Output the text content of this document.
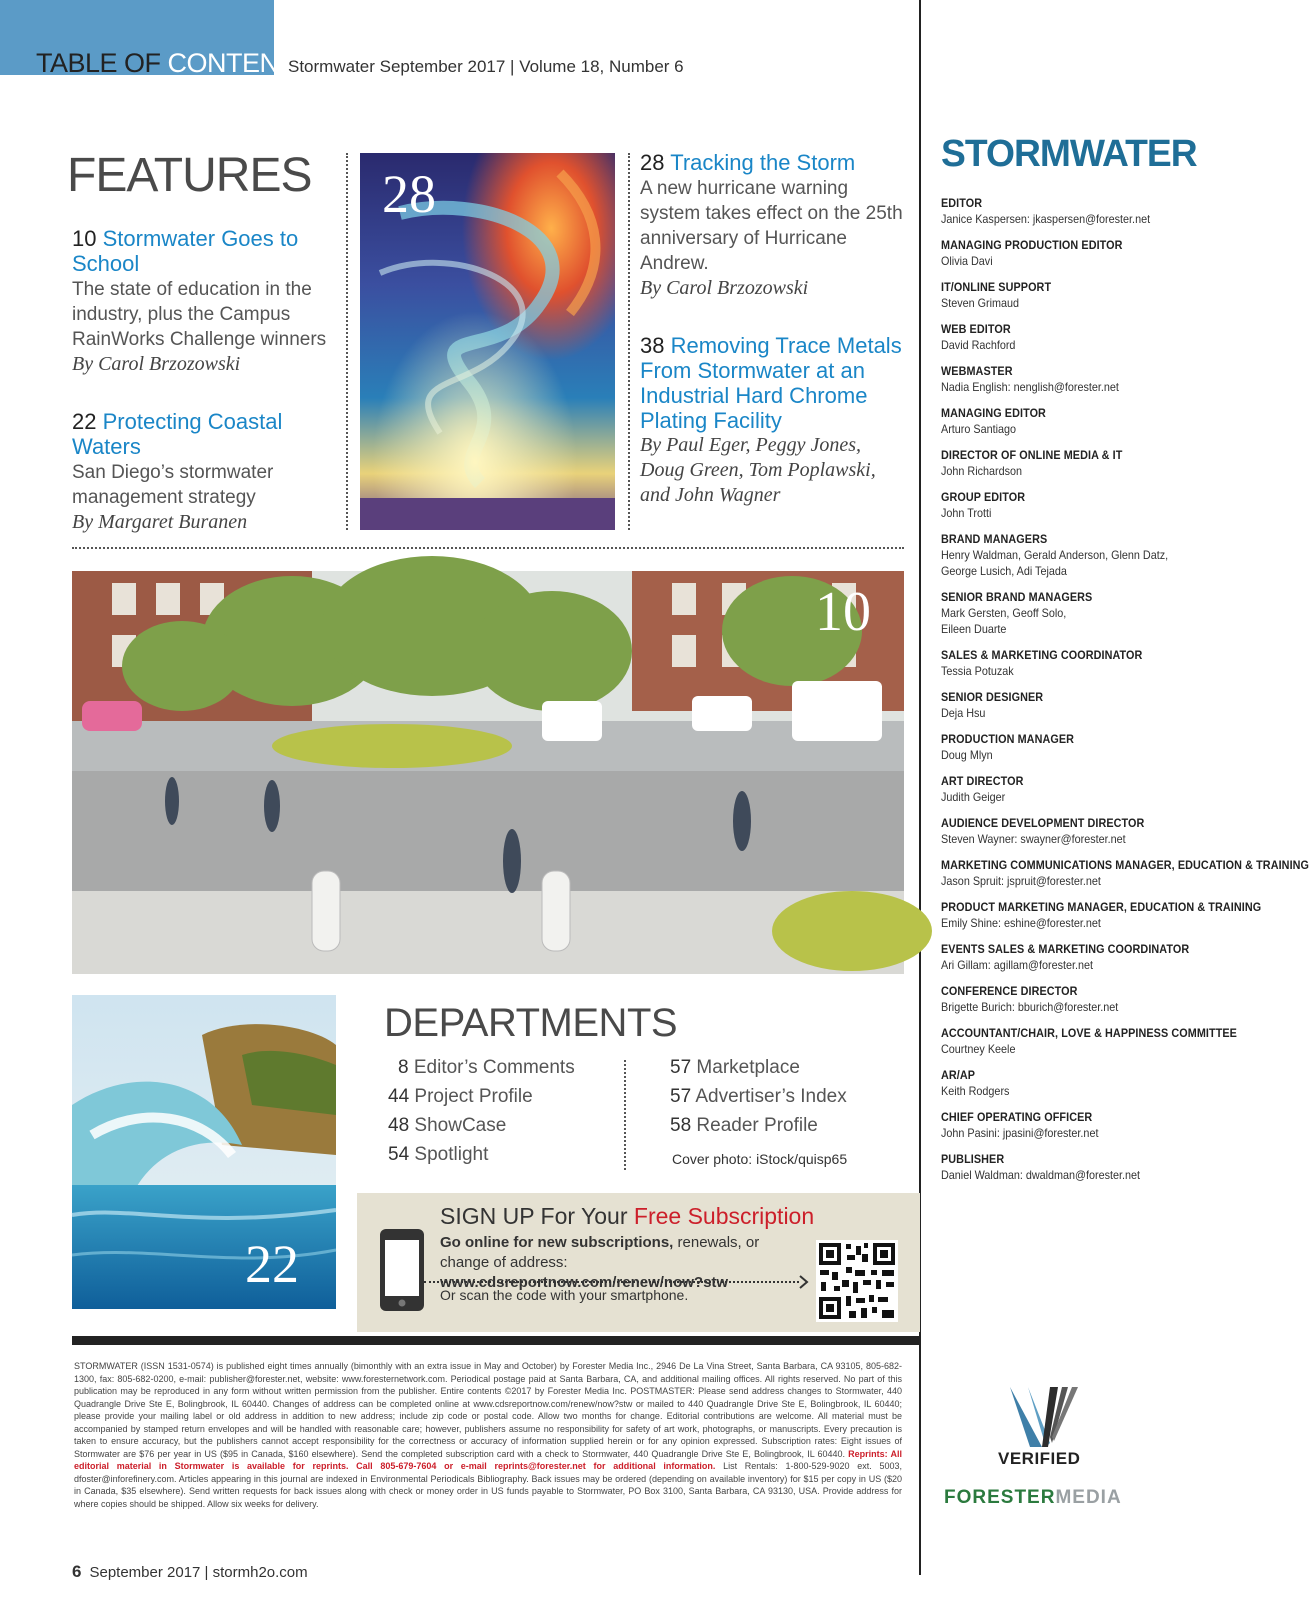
TABLE OF CONTENTS
Stormwater September 2017 | Volume 18, Number 6
FEATURES
10 Stormwater Goes to School
The state of education in the industry, plus the Campus RainWorks Challenge winners
By Carol Brzozowski
22 Protecting Coastal Waters
San Diego’s stormwater management strategy
By Margaret Buranen
28 Tracking the Storm
A new hurricane warning system takes effect on the 25th anniversary of Hurricane Andrew.
By Carol Brzozowski
38 Removing Trace Metals From Stormwater at an Industrial Hard Chrome Plating Facility
By Paul Eger, Peggy Jones, Doug Green, Tom Poplawski, and John Wagner
28
10
22
DEPARTMENTS
8 Editor’s Comments
44 Project Profile
48 ShowCase
54 Spotlight
57 Marketplace
57 Advertiser’s Index
58 Reader Profile
Cover photo: iStock/quisp65
SIGN UP For Your Free Subscription
Go online for new subscriptions, renewals, or change of address: www.cdsreportnow.com/renew/now?stw
Or scan the code with your smartphone.
STORMWATER (ISSN 1531-0574) is published eight times annually (bimonthly with an extra issue in May and October) by Forester Media Inc., 2946 De La Vina Street, Santa Barbara, CA 93105, 805-682-1300, fax: 805-682-0200, e-mail: publisher@forester.net, website: www.foresternetwork.com. Periodical postage paid at Santa Barbara, CA, and additional mailing offices. All rights reserved. No part of this publication may be reproduced in any form without written permission from the publisher. Entire contents ©2017 by Forester Media Inc. POSTMASTER: Please send address changes to Stormwater, 440 Quadrangle Drive Ste E, Bolingbrook, IL 60440. Changes of address can be completed online at www.cdsreportnow.com/renew/now?stw or mailed to 440 Quadrangle Drive Ste E, Bolingbrook, IL 60440; please provide your mailing label or old address in addition to new address; include zip code or postal code. Allow two months for change. Editorial contributions are welcome. All material must be accompanied by stamped return envelopes and will be handled with reasonable care; however, publishers assume no responsibility for safety of art work, photographs, or manuscripts. Every precaution is taken to ensure accuracy, but the publishers cannot accept responsibility for the correctness or accuracy of information supplied herein or for any opinion expressed. Subscription rates: Eight issues of Stormwater are $76 per year in US ($95 in Canada, $160 elsewhere). Send the completed subscription card with a check to Stormwater, 440 Quadrangle Drive Ste E, Bolingbrook, IL 60440. Reprints: All editorial material in Stormwater is available for reprints. Call 805-679-7604 or e-mail reprints@forester.net for additional information. List Rentals: 1-800-529-9020 ext. 5003, dfoster@inforefinery.com. Articles appearing in this journal are indexed in Environmental Periodicals Bibliography. Back issues may be ordered (depending on available inventory) for $15 per copy in US ($20 in Canada, $35 elsewhere). Send written requests for back issues along with check or money order in US funds payable to Stormwater, PO Box 3100, Santa Barbara, CA 93130, USA. Provide address for where copies should be shipped. Allow six weeks for delivery.
6 September 2017 | stormh2o.com
STORMWATER
EDITOR
Janice Kaspersen: jkaspersen@forester.net
MANAGING PRODUCTION EDITOR
Olivia Davi
IT/ONLINE SUPPORT
Steven Grimaud
WEB EDITOR
David Rachford
WEBMASTER
Nadia English: nenglish@forester.net
MANAGING EDITOR
Arturo Santiago
DIRECTOR OF ONLINE MEDIA & IT
John Richardson
GROUP EDITOR
John Trotti
BRAND MANAGERS
Henry Waldman, Gerald Anderson, Glenn Datz,
George Lusich, Adi Tejada
SENIOR BRAND MANAGERS
Mark Gersten, Geoff Solo,
Eileen Duarte
SALES & MARKETING COORDINATOR
Tessia Potuzak
SENIOR DESIGNER
Deja Hsu
PRODUCTION MANAGER
Doug Mlyn
ART DIRECTOR
Judith Geiger
AUDIENCE DEVELOPMENT DIRECTOR
Steven Wayner: swayner@forester.net
MARKETING COMMUNICATIONS MANAGER, EDUCATION & TRAINING
Jason Spruit: jspruit@forester.net
PRODUCT MARKETING MANAGER, EDUCATION & TRAINING
Emily Shine: eshine@forester.net
EVENTS SALES & MARKETING COORDINATOR
Ari Gillam: agillam@forester.net
CONFERENCE DIRECTOR
Brigette Burich: bburich@forester.net
ACCOUNTANT/CHAIR, LOVE & HAPPINESS COMMITTEE
Courtney Keele
AR/AP
Keith Rodgers
CHIEF OPERATING OFFICER
John Pasini: jpasini@forester.net
PUBLISHER
Daniel Waldman: dwaldman@forester.net
VERIFIED
FORESTERMEDIA
